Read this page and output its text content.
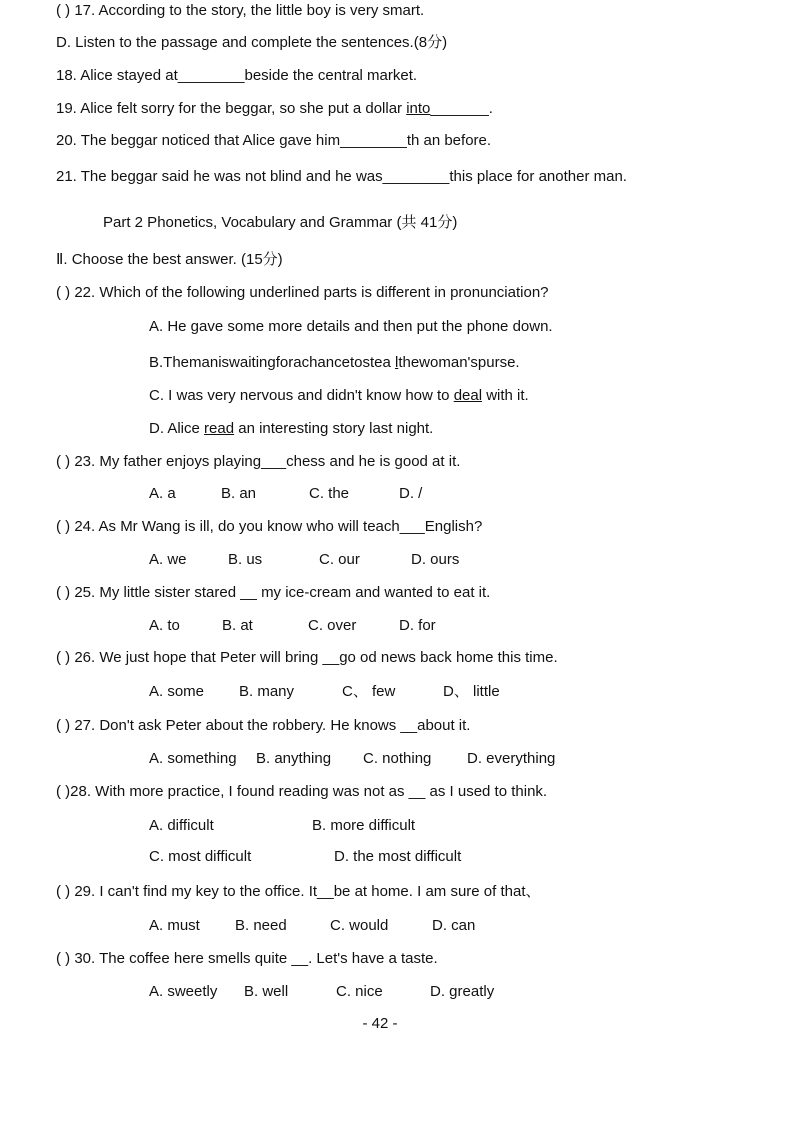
( ) 17. According to the story, the little boy is very smart.
D. Listen to the passage and complete the sentences.(8分)
18. Alice stayed at________beside the central market.
19. Alice felt sorry for the beggar, so she put a dollar into_______.
20. The beggar noticed that Alice gave him________th an before.
21. The beggar said he was not blind and he was________this place for another man.
Part 2 Phonetics, Vocabulary and Grammar (共 41分)
Ⅱ. Choose the best answer. (15分)
( ) 22. Which of the following underlined parts is different in pronunciation?
A. He gave some more details and then put the phone down.
B.Themaniswaitingforachancetostea lthewoman'spurse.
C. I was very nervous and didn't know how to deal with it.
D. Alice read an interesting story last night.
( ) 23. My father enjoys playing___chess and he is good at it.
A. a	B. an	C. the	D. /
( ) 24. As Mr Wang is ill, do you know who will teach___English?
A. we	B. us	C. our	D. ours
( ) 25. My little sister stared __ my ice-cream and wanted to eat it.
A. to	B. at	C. over	D. for
( ) 26. We just hope that Peter will bring __go od news back home this time.
A. some B. many	C、 few	D、 little
( ) 27. Don't ask Peter about the robbery. He knows __about it.
A. something B. anything C. nothing D. everything
( )28. With more practice, I found reading was not as __ as I used to think.
A. difficult	B. more difficult
C. most difficult	D. the most difficult
( ) 29. I can't find my key to the office. It__be at home. I am sure of that、
A. must B. need	C. would	D. can
( ) 30. The coffee here smells quite __. Let's have a taste.
A. sweetly B. well	C. nice	D. greatly
- 42 -
